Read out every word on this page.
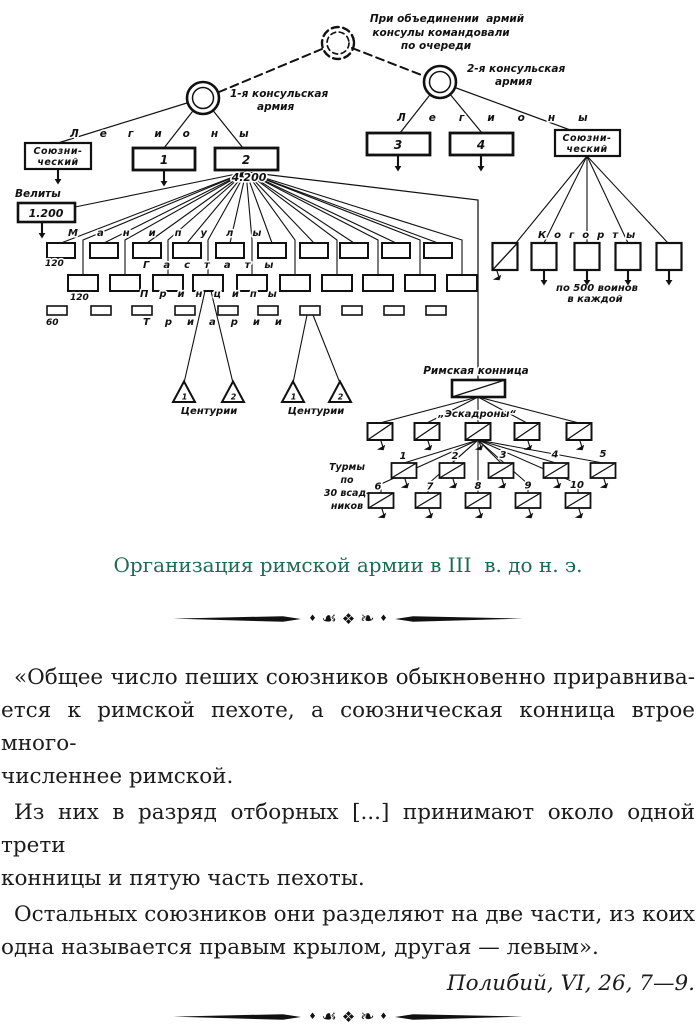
1	2	1	2
1	2	3	4	5
6	7	8	9	10
При объединении  армий
консулы командовали
по очереди
1-я консульская
армия
2-я консульская
армия
Легионы
Легионы
Союзни-
ческий
Союзни-
ческий
1	2
3	4
4.200
Велиты
1.200
Манипулы
Гастаты
Принципы
Триарии
120
120
60
Центурии	Центурии
Когорты
по 500 воинов
в каждой
Римская конница
„Эскадроны“
Турмы
по
30 всад-
ников
Организация римской армии в III  в. до н. э.
♦ ☙ ❖ ❧ ♦

«Общее число пеших союзников обыкновенно приравнива-
ется к римской пехоте, а союзническая конница втрое много-
численнее римской.

Из них в разряд отборных [...] принимают около одной трети
конницы и пятую часть пехоты.

Остальных союзников они разделяют на две части, из коих
одна называется правым крылом, другая — левым».

Полибий, VI, 26, 7—9.
♦ ☙ ❖ ❧ ♦
